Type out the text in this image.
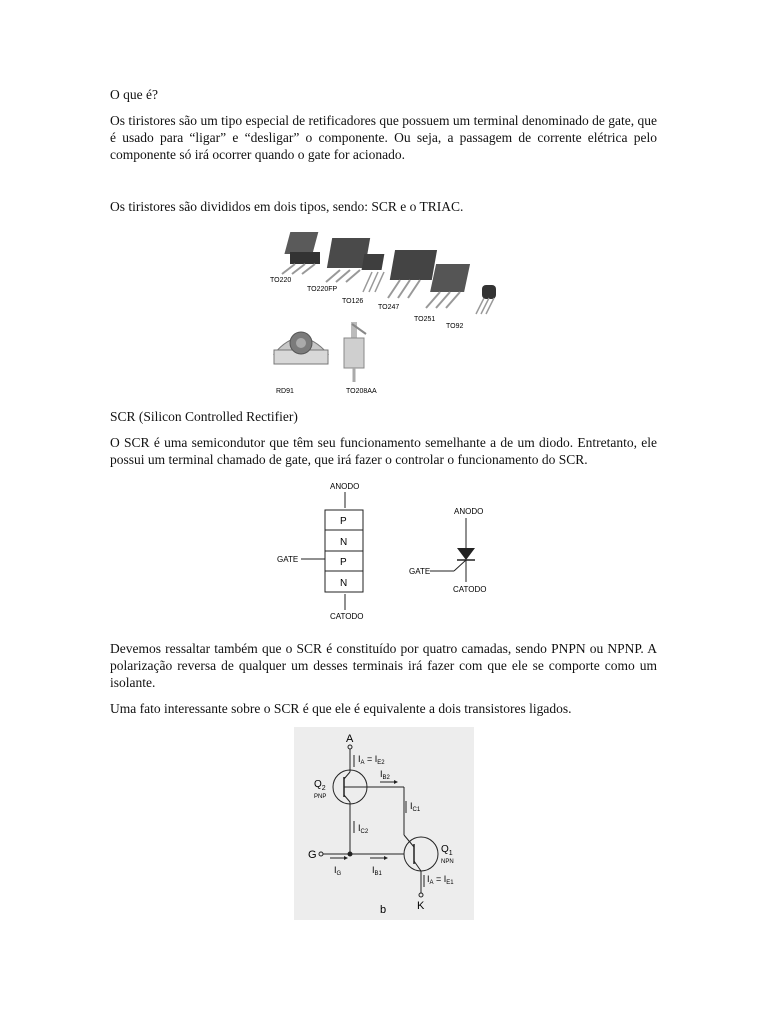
O que é?

Os tiristores são um tipo especial de retificadores que possuem um terminal denominado de gate, que é usado para “ligar” e “desligar” o componente. Ou seja, a passagem de corrente elétrica pelo componente só irá ocorrer quando o gate for acionado.

Os tiristores são divididos em dois tipos, sendo: SCR e o TRIAC.

TO220
TO220FP
TO126
TO247
TO251
TO92
RD91	TO208AA

SCR (Silicon Controlled Rectifier)

O SCR é uma semicondutor que têm seu funcionamento semelhante a de um diodo. Entretanto, ele possui um terminal chamado de gate, que irá fazer o controlar o funcionamento do SCR.

ANODO
P
N
P
N
CATODO
GATE
ANODO
GATE
CATODO

Devemos ressaltar também que o SCR é constituído por quatro camadas, sendo PNPN ou NPNP. A polarização reversa de qualquer um desses terminais irá fazer com que ele se comporte como um isolante.

Uma fato interessante sobre o SCR é que ele é equivalente a dois transistores ligados.

A
$Q_2$
PNP
$I_A = I_{E2}$
$I_{B2}$
$I_{C1}$
$I_{C2}$
G
$I_G$	$I_{B1}$
$Q_1$
NPN
$I_A = I_{E1}$
K
b
